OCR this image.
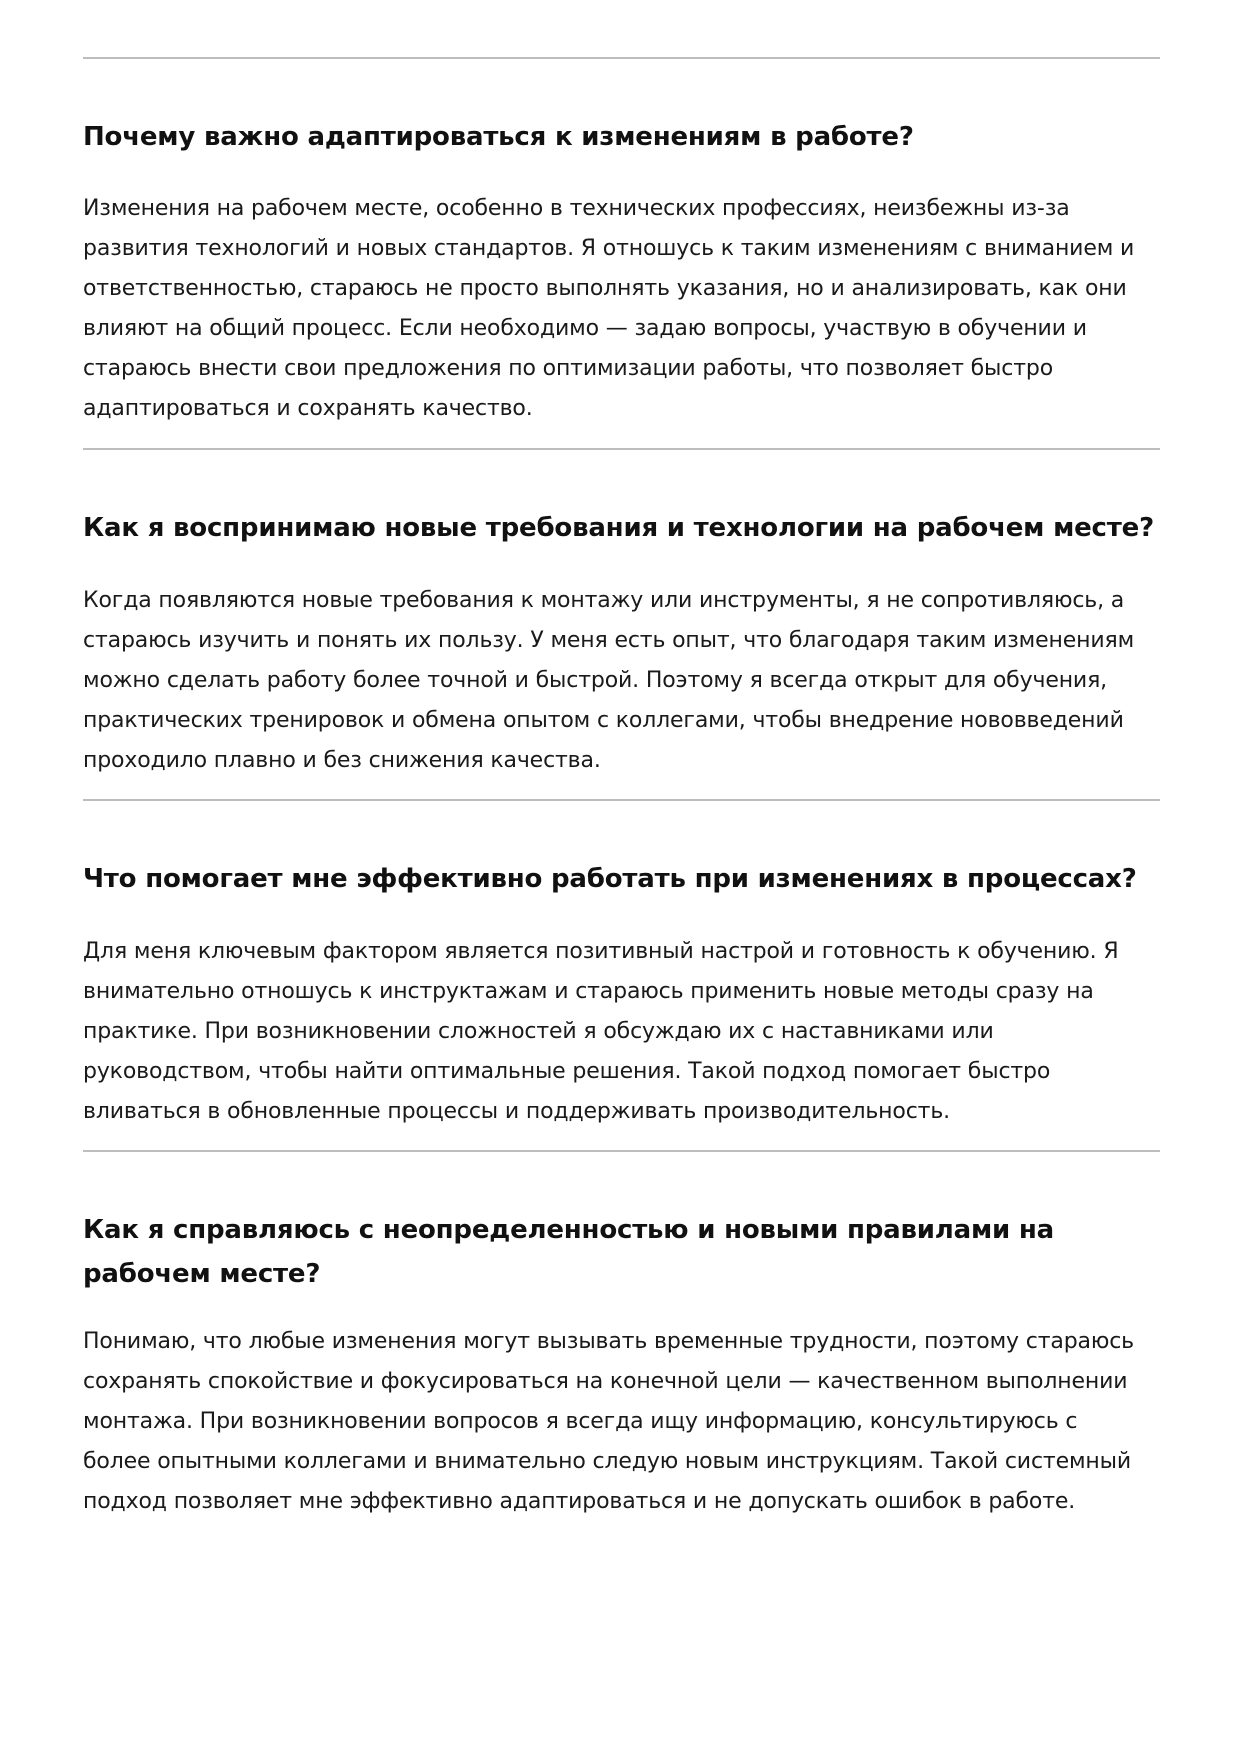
Почему важно адаптироваться к изменениям в работе?

Изменения на рабочем месте, особенно в технических профессиях, неизбежны из-за
развития технологий и новых стандартов. Я отношусь к таким изменениям с вниманием и
ответственностью, стараюсь не просто выполнять указания, но и анализировать, как они
влияют на общий процесс. Если необходимо — задаю вопросы, участвую в обучении и
стараюсь внести свои предложения по оптимизации работы, что позволяет быстро
адаптироваться и сохранять качество.

Как я воспринимаю новые требования и технологии на рабочем месте?

Когда появляются новые требования к монтажу или инструменты, я не сопротивляюсь, а
стараюсь изучить и понять их пользу. У меня есть опыт, что благодаря таким изменениям
можно сделать работу более точной и быстрой. Поэтому я всегда открыт для обучения,
практических тренировок и обмена опытом с коллегами, чтобы внедрение нововведений
проходило плавно и без снижения качества.

Что помогает мне эффективно работать при изменениях в процессах?

Для меня ключевым фактором является позитивный настрой и готовность к обучению. Я
внимательно отношусь к инструктажам и стараюсь применить новые методы сразу на
практике. При возникновении сложностей я обсуждаю их с наставниками или
руководством, чтобы найти оптимальные решения. Такой подход помогает быстро
вливаться в обновленные процессы и поддерживать производительность.

Как я справляюсь с неопределенностью и новыми правилами на
рабочем месте?

Понимаю, что любые изменения могут вызывать временные трудности, поэтому стараюсь
сохранять спокойствие и фокусироваться на конечной цели — качественном выполнении
монтажа. При возникновении вопросов я всегда ищу информацию, консультируюсь с
более опытными коллегами и внимательно следую новым инструкциям. Такой системный
подход позволяет мне эффективно адаптироваться и не допускать ошибок в работе.
